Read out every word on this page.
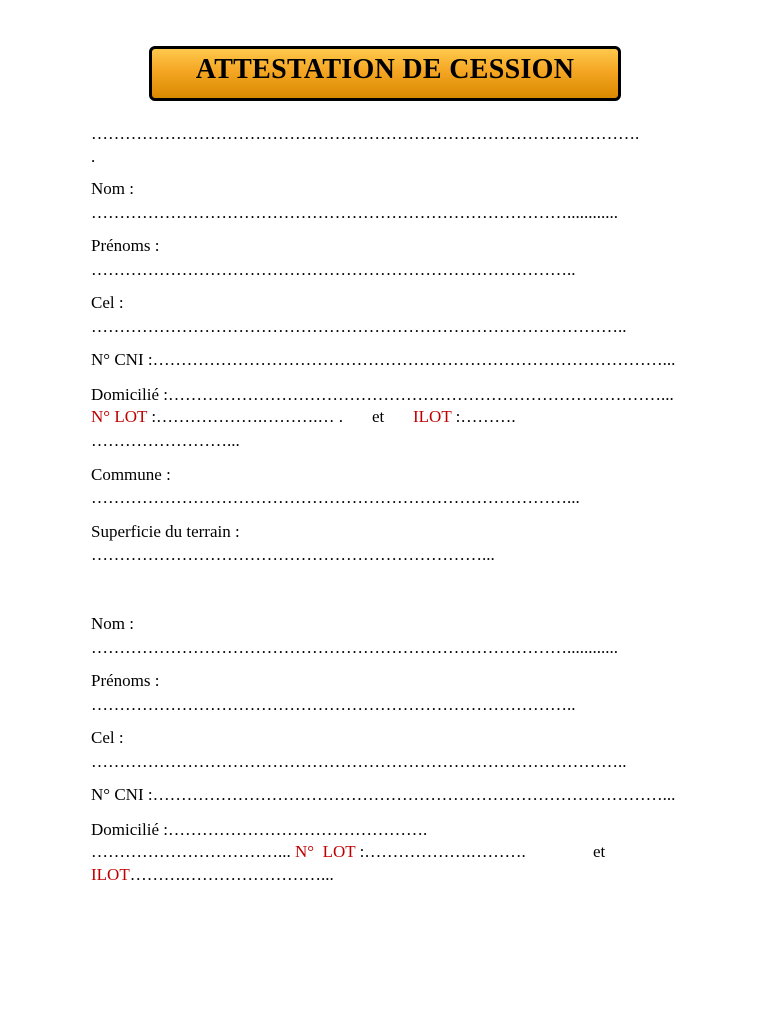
ATTESTATION DE CESSION
…………………………………………………………………………………….
.
Nom :
…………………………………………………………………………............
Prénoms :
…………………………………………………………………………..
Cel :
…………………………………………………………………………………..
N° CNI :………………………………………………………………………………...
Domicilié :……………………………………………………………………………...
N° LOT :……………….……….… . et ILOT :……….
……………………...
Commune :
…………………………………………………………………………...
Superficie du terrain :
……………………………………………………………...
Nom :
…………………………………………………………………………............
Prénoms :
…………………………………………………………………………..
Cel :
…………………………………………………………………………………..
N° CNI :………………………………………………………………………………...
Domicilié :……………………………………….
……………………………... N°  LOT :……………….……….	et
ILOT……….……………………...
